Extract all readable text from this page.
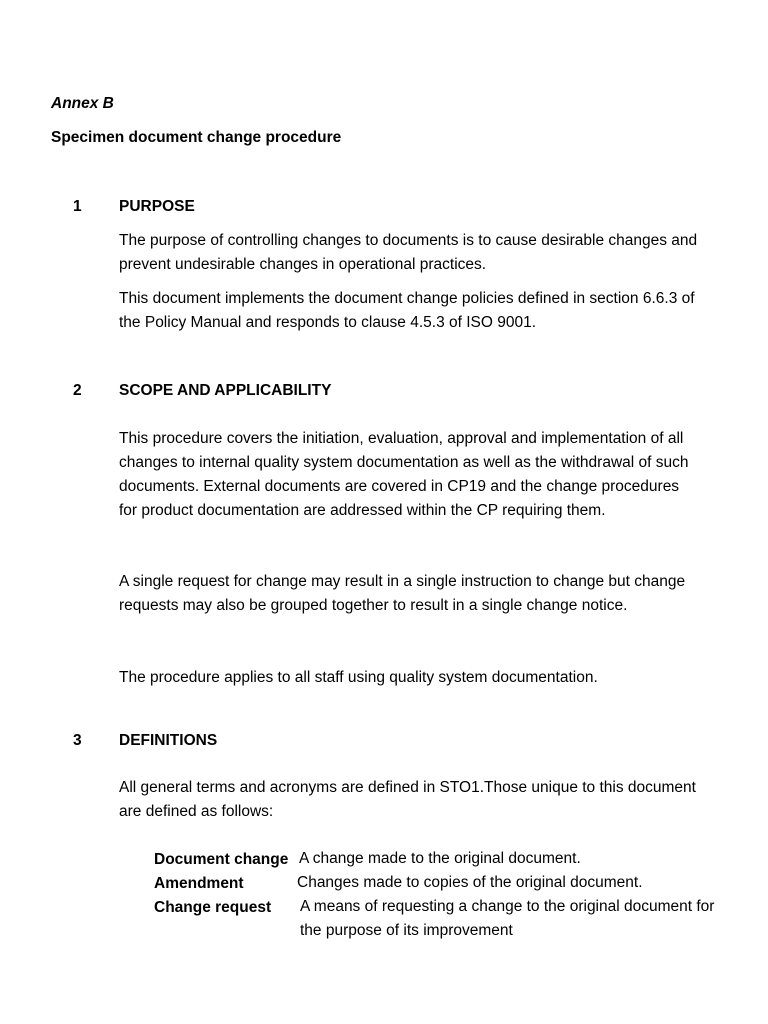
Annex B
Specimen document change procedure
1 PURPOSE
The purpose of controlling changes to documents is to cause desirable changes and prevent undesirable changes in operational practices.
This document implements the document change policies defined in section 6.6.3 of the Policy Manual and responds to clause 4.5.3 of ISO 9001.
2 SCOPE AND APPLICABILITY
This procedure covers the initiation, evaluation, approval and implementation of all changes to internal quality system documentation as well as the withdrawal of such documents. External documents are covered in CP19 and the change procedures for product documentation are addressed within the CP requiring them.
A single request for change may result in a single instruction to change but change requests may also be grouped together to result in a single change notice.
The procedure applies to all staff using quality system documentation.
3 DEFINITIONS
All general terms and acronyms are defined in STO1.Those unique to this document are defined as follows:
Document change A change made to the original document.
Amendment	Changes made to copies of the original document.
Change request A means of requesting a change to the original document for
the purpose of its improvement
